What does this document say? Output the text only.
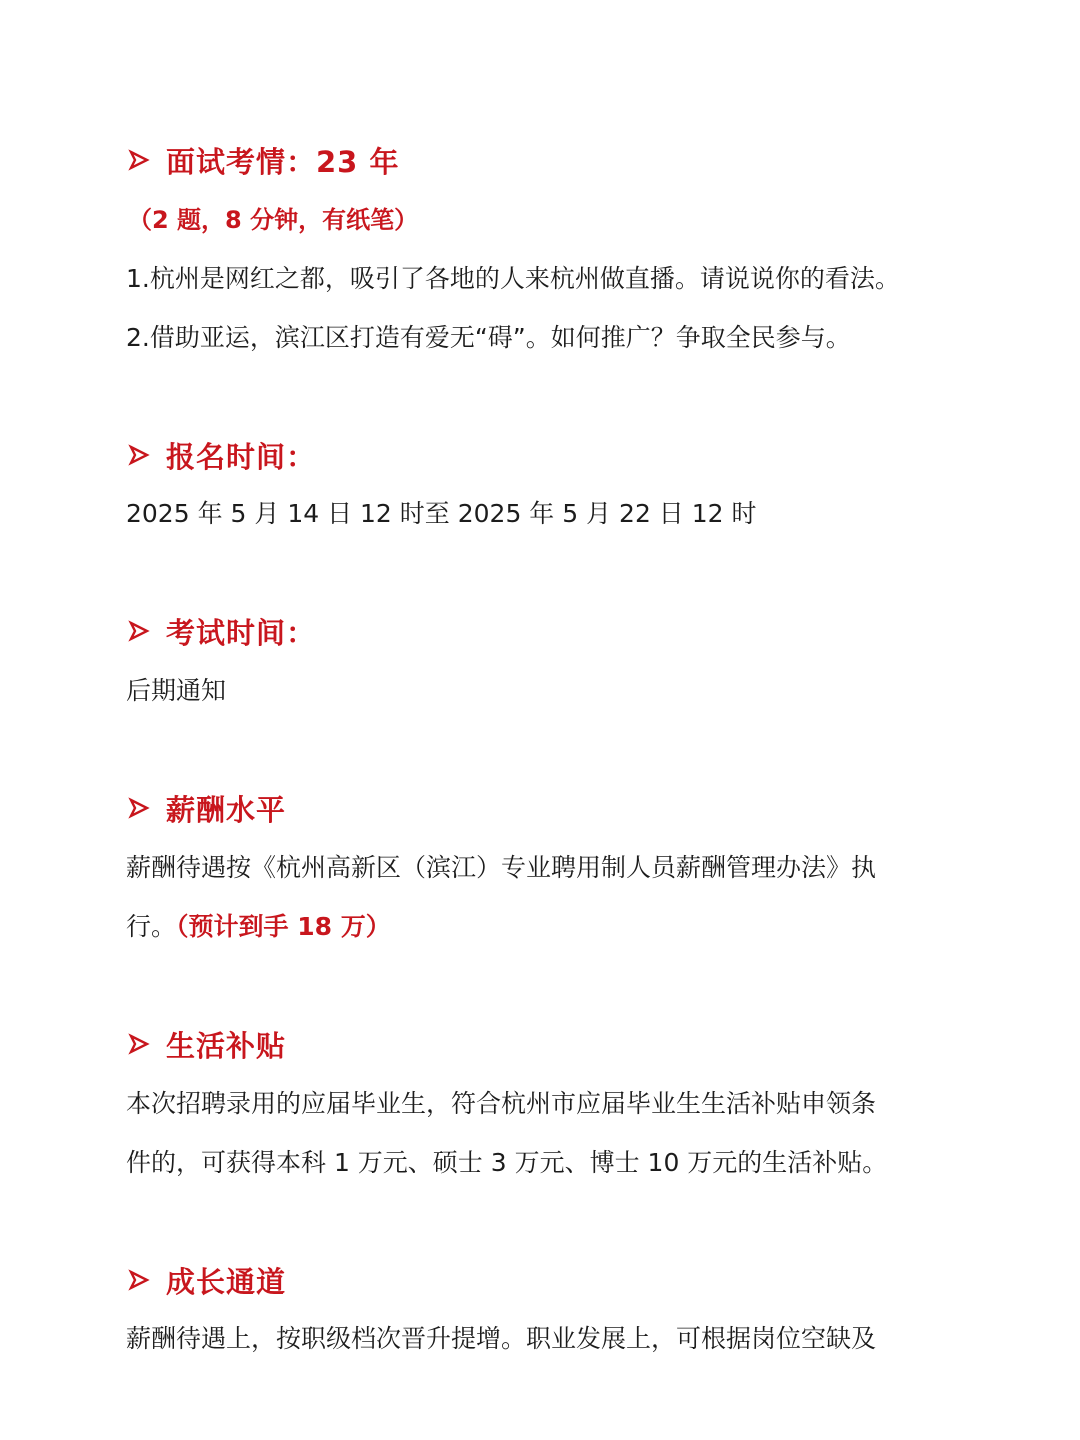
面试考情：23 年

（2 题，8 分钟，有纸笔）

1.杭州是网红之都，吸引了各地的人来杭州做直播。请说说你的看法。

2.借助亚运，滨江区打造有爱无“碍”。如何推广？争取全民参与。

报名时间：

2025 年 5 月 14 日 12 时至 2025 年 5 月 22 日 12 时

考试时间：

后期通知

薪酬水平

薪酬待遇按《杭州高新区（滨江）专业聘用制人员薪酬管理办法》执

行。（预计到手 18 万）

生活补贴

本次招聘录用的应届毕业生，符合杭州市应届毕业生生活补贴申领条

件的，可获得本科 1 万元、硕士 3 万元、博士 10 万元的生活补贴。

成长通道

薪酬待遇上，按职级档次晋升提增。职业发展上，可根据岗位空缺及
